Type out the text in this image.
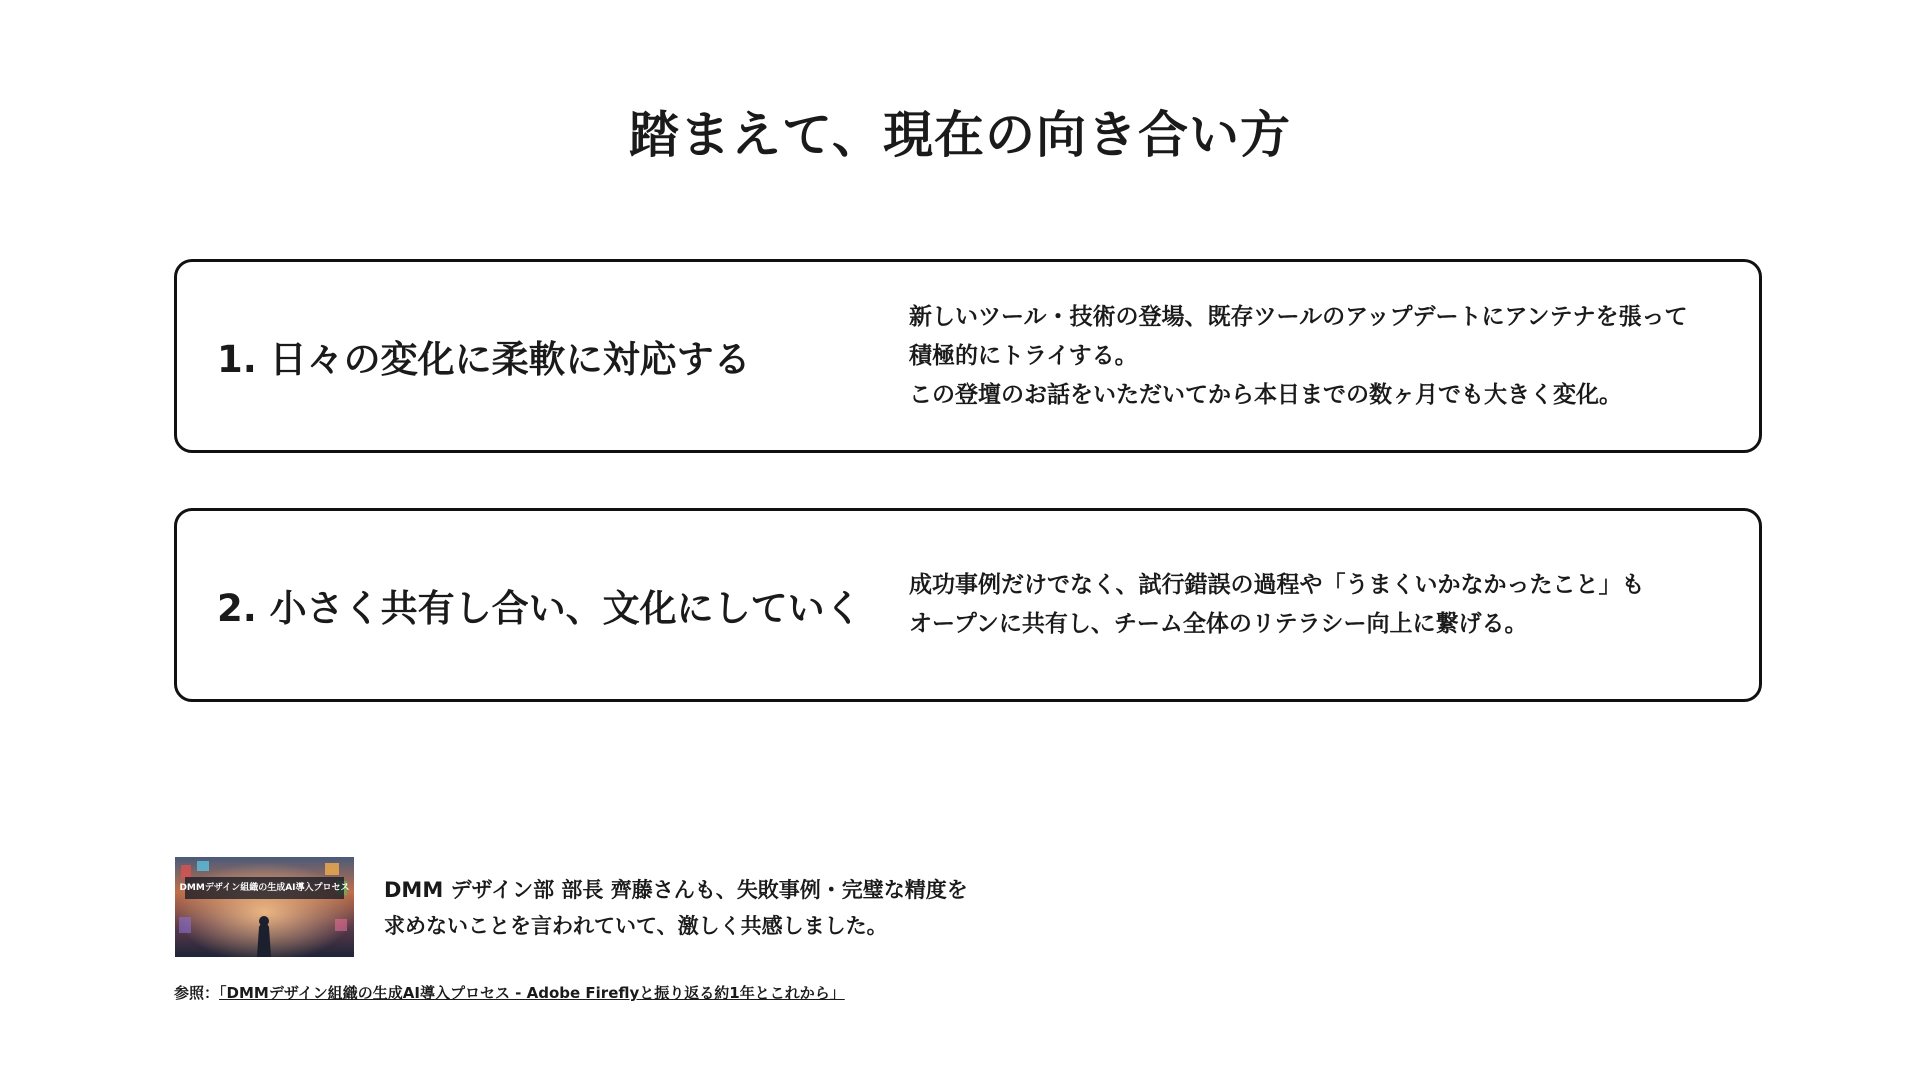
踏まえて、現在の向き合い方
1. 日々の変化に柔軟に対応する
新しいツール・技術の登場、既存ツールのアップデートにアンテナを張って
積極的にトライする。
この登壇のお話をいただいてから本日までの数ヶ月でも大きく変化。
2. 小さく共有し合い、文化にしていく
成功事例だけでなく、試行錯誤の過程や「うまくいかなかったこと」も
オープンに共有し、チーム全体のリテラシー向上に繋げる。
DMMデザイン組織の生成AI導入プロセス DMM デザイン部 部長 齊藤さんも、失敗事例・完璧な精度を
求めないことを言われていて、激しく共感しました。
参照：「DMMデザイン組織の生成AI導入プロセス - Adobe Fireflyと振り返る約1年とこれから」
